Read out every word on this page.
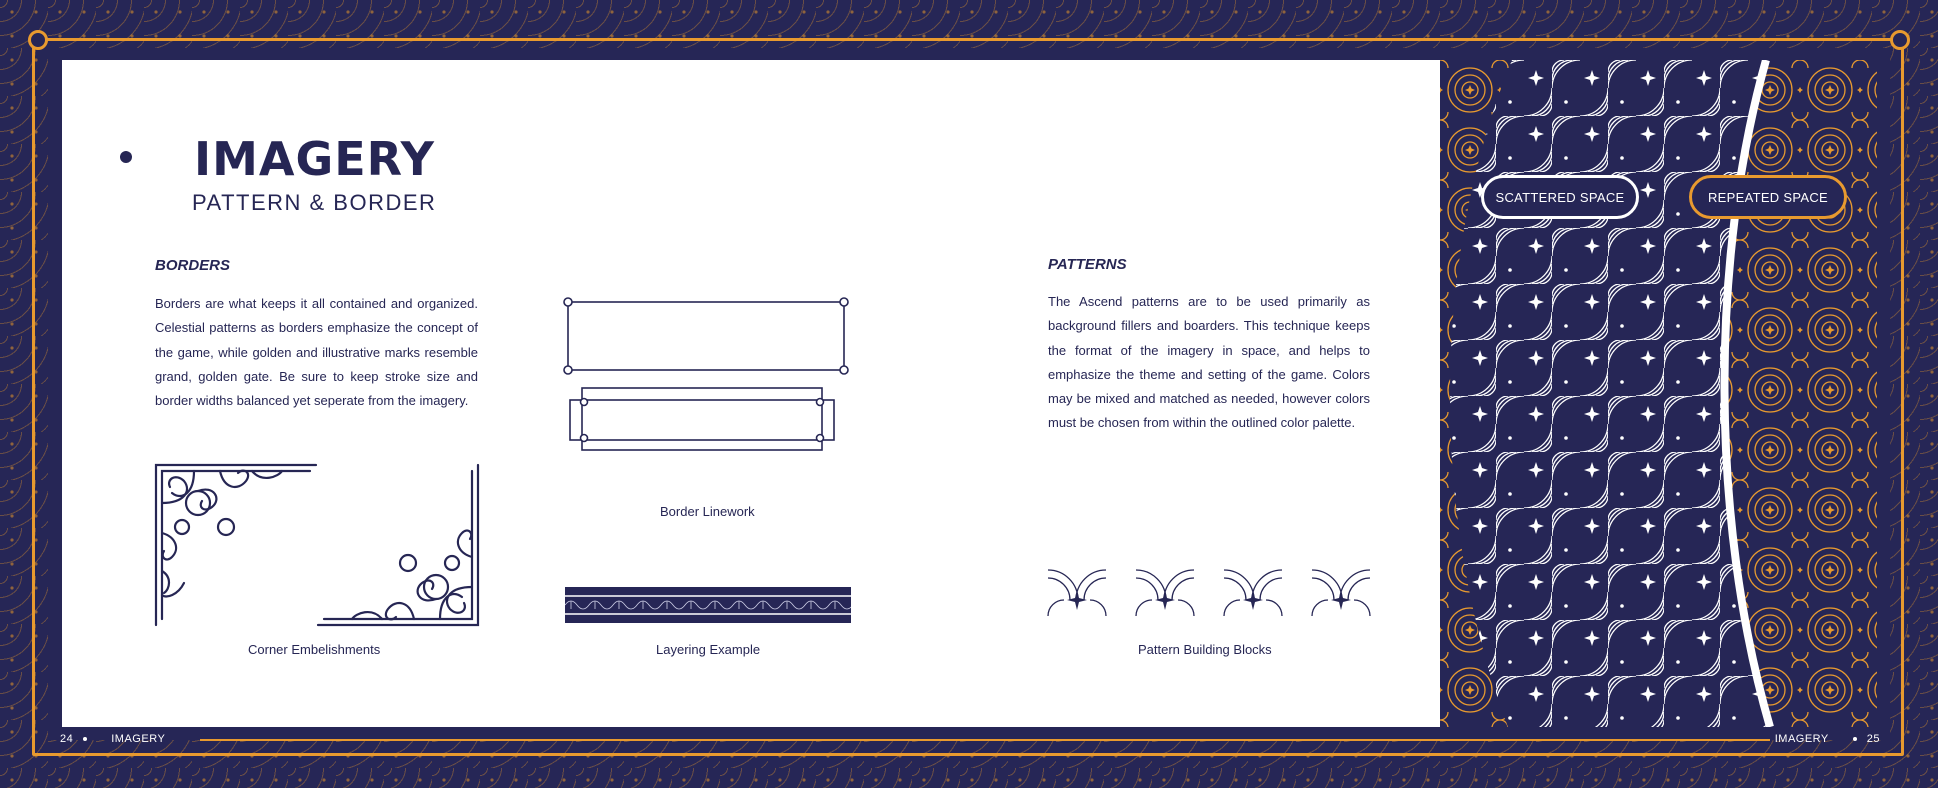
IMAGERY
PATTERN & BORDER
BORDERS

Borders are what keeps it all contained and organized. Celestial patterns as borders emphasize the concept of the game, while golden and illustrative marks resemble grand, golden gate. Be sure to keep stroke size and border widths balanced yet seperate from the imagery.

Corner Embelishments
Border Linework
Layering Example
PATTERNS

The Ascend patterns are to be used primarily as background fillers and boarders. This technique keeps the format of the imagery in space, and helps to emphasize the theme and setting of the game. Colors may be mixed and matched as needed, however colors must be chosen from within the outlined color palette.

Pattern Building Blocks
SCATTERED SPACE	REPEATED SPACE
24	IMAGERY	IMAGERY	25
